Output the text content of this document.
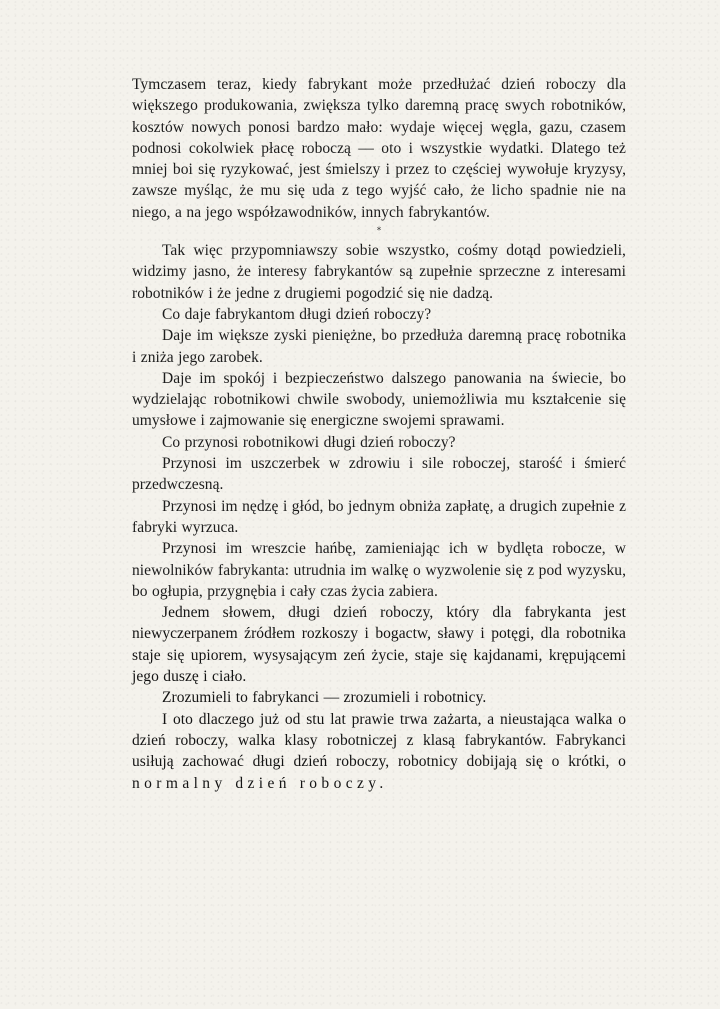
Tymczasem teraz, kiedy fabrykant może przedłużać dzień roboczy dla większego produkowania, zwiększa tylko daremną pracę swych robotników, kosztów nowych ponosi bardzo mało: wydaje więcej węgla, gazu, czasem podnosi cokolwiek płacę roboczą — oto i wszystkie wydatki. Dlatego też mniej boi się ryzykować, jest śmielszy i przez to częściej wywołuje kryzysy, zawsze myśląc, że mu się uda z tego wyjść cało, że licho spadnie nie na niego, a na jego współzawodników, innych fabrykantów.

*

Tak więc przypomniawszy sobie wszystko, cośmy dotąd powiedzieli, widzimy jasno, że interesy fabrykantów są zupełnie sprzeczne z interesami robotników i że jedne z drugiemi pogodzić się nie dadzą.

Co daje fabrykantom długi dzień roboczy?

Daje im większe zyski pieniężne, bo przedłuża daremną pracę robotnika i zniża jego zarobek.

Daje im spokój i bezpieczeństwo dalszego panowania na świecie, bo wydzielając robotnikowi chwile swobody, uniemożliwia mu kształcenie się umysłowe i zajmowanie się energiczne swojemi sprawami.

Co przynosi robotnikowi długi dzień roboczy?

Przynosi im uszczerbek w zdrowiu i sile roboczej, starość i śmierć przedwczesną.

Przynosi im nędzę i głód, bo jednym obniża zapłatę, a drugich zupełnie z fabryki wyrzuca.

Przynosi im wreszcie hańbę, zamieniając ich w bydlęta robocze, w niewolników fabrykanta: utrudnia im walkę o wyzwolenie się z pod wyzysku, bo ogłupia, przygnębia i cały czas życia zabiera.

Jednem słowem, długi dzień roboczy, który dla fabrykanta jest niewyczerpanem źródłem rozkoszy i bogactw, sławy i potęgi, dla robotnika staje się upiorem, wysysającym zeń życie, staje się kajdanami, krępującemi jego duszę i ciało.

Zrozumieli to fabrykanci — zrozumieli i robotnicy.

I oto dlaczego już od stu lat prawie trwa zażarta, a nieustająca walka o dzień roboczy, walka klasy robotniczej z klasą fabrykantów. Fabrykanci usiłują zachować długi dzień roboczy, robotnicy dobijają się o krótki, o normalny dzień roboczy.
